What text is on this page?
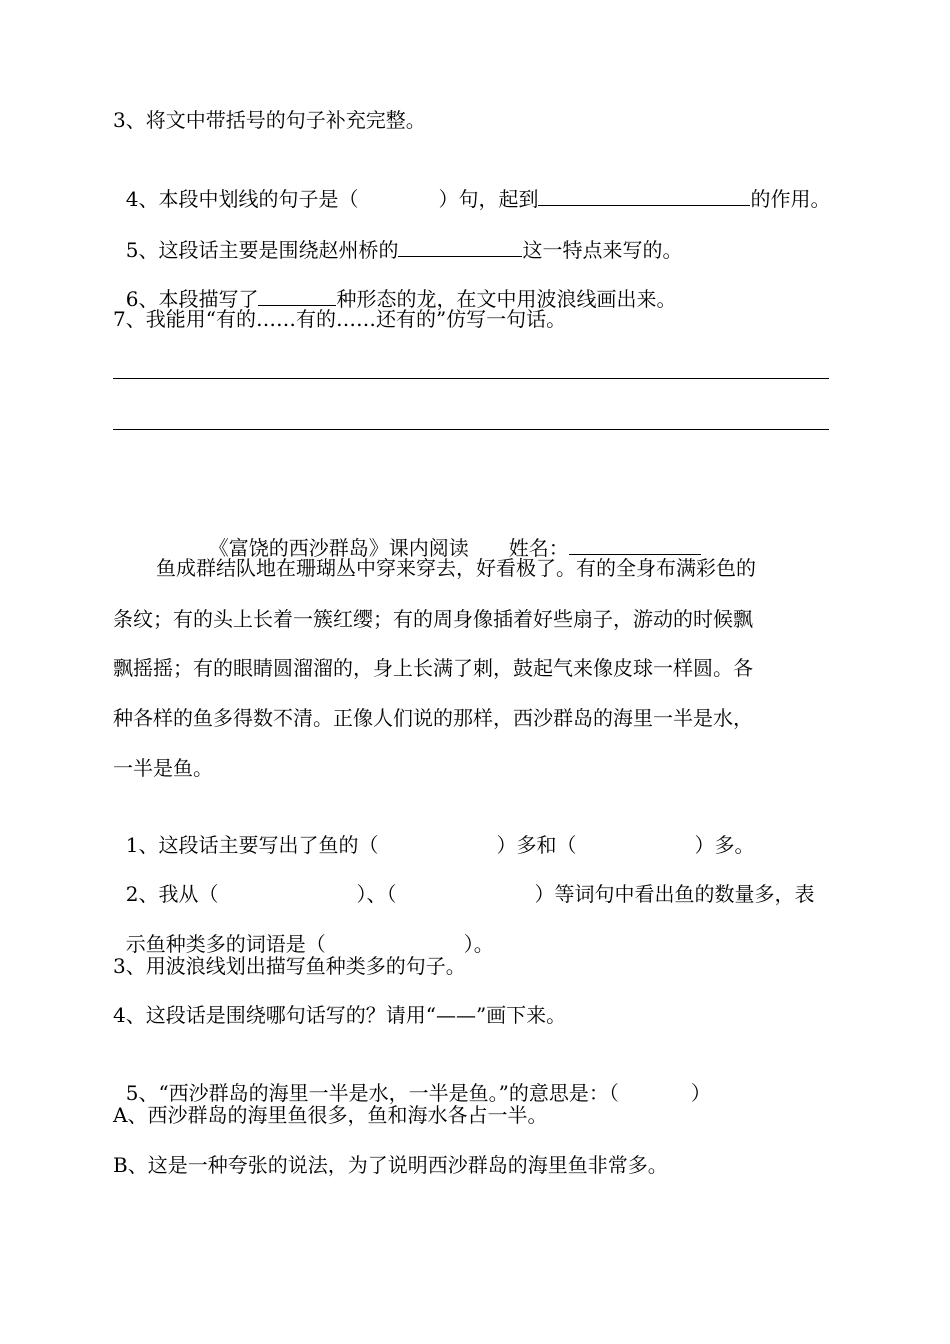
3、将文中带括号的句子补充完整。

4、本段中划线的句子是（	）句，起到	的作用。

5、这段话主要是围绕赵州桥的	这一特点来写的。

6、本段描写了	种形态的龙，在文中用波浪线画出来。

7、我能用“有的……有的……还有的”仿写一句话。

《富饶的西沙群岛》课内阅读 姓名：

鱼成群结队地在珊瑚丛中穿来穿去，好看极了。有的全身布满彩色的
条纹；有的头上长着一簇红缨；有的周身像插着好些扇子，游动的时候飘
飘摇摇；有的眼睛圆溜溜的，身上长满了刺，鼓起气来像皮球一样圆。各
种各样的鱼多得数不清。正像人们说的那样，西沙群岛的海里一半是水，
一半是鱼。

1、这段话主要写出了鱼的（	）多和（	）多。

2、我从（	）、（	）等词句中看出鱼的数量多，表

示鱼种类多的词语是（	）。

3、用波浪线划出描写鱼种类多的句子。
4、这段话是围绕哪句话写的？请用“——”画下来。

5、“西沙群岛的海里一半是水，一半是鱼。”的意思是：（	）

A、西沙群岛的海里鱼很多，鱼和海水各占一半。
B、这是一种夸张的说法，为了说明西沙群岛的海里鱼非常多。
